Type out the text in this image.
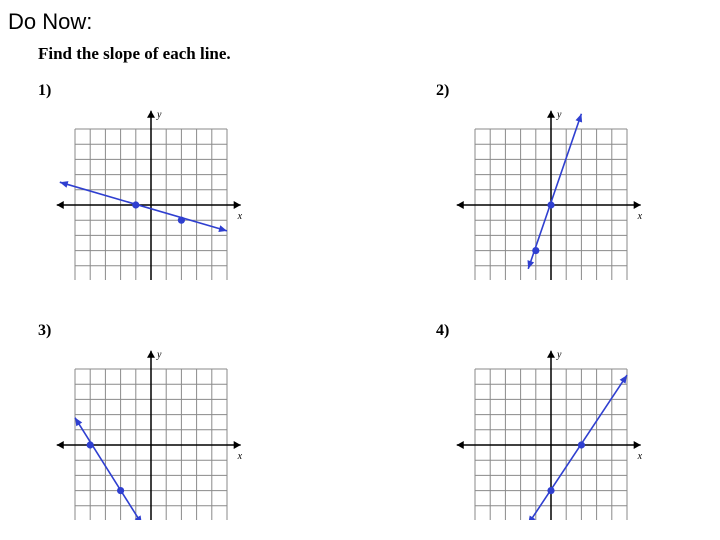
Do Now:
Find the slope of each line.
1)	2)
3)	4)
x
y
x
y
x
y
x
y
